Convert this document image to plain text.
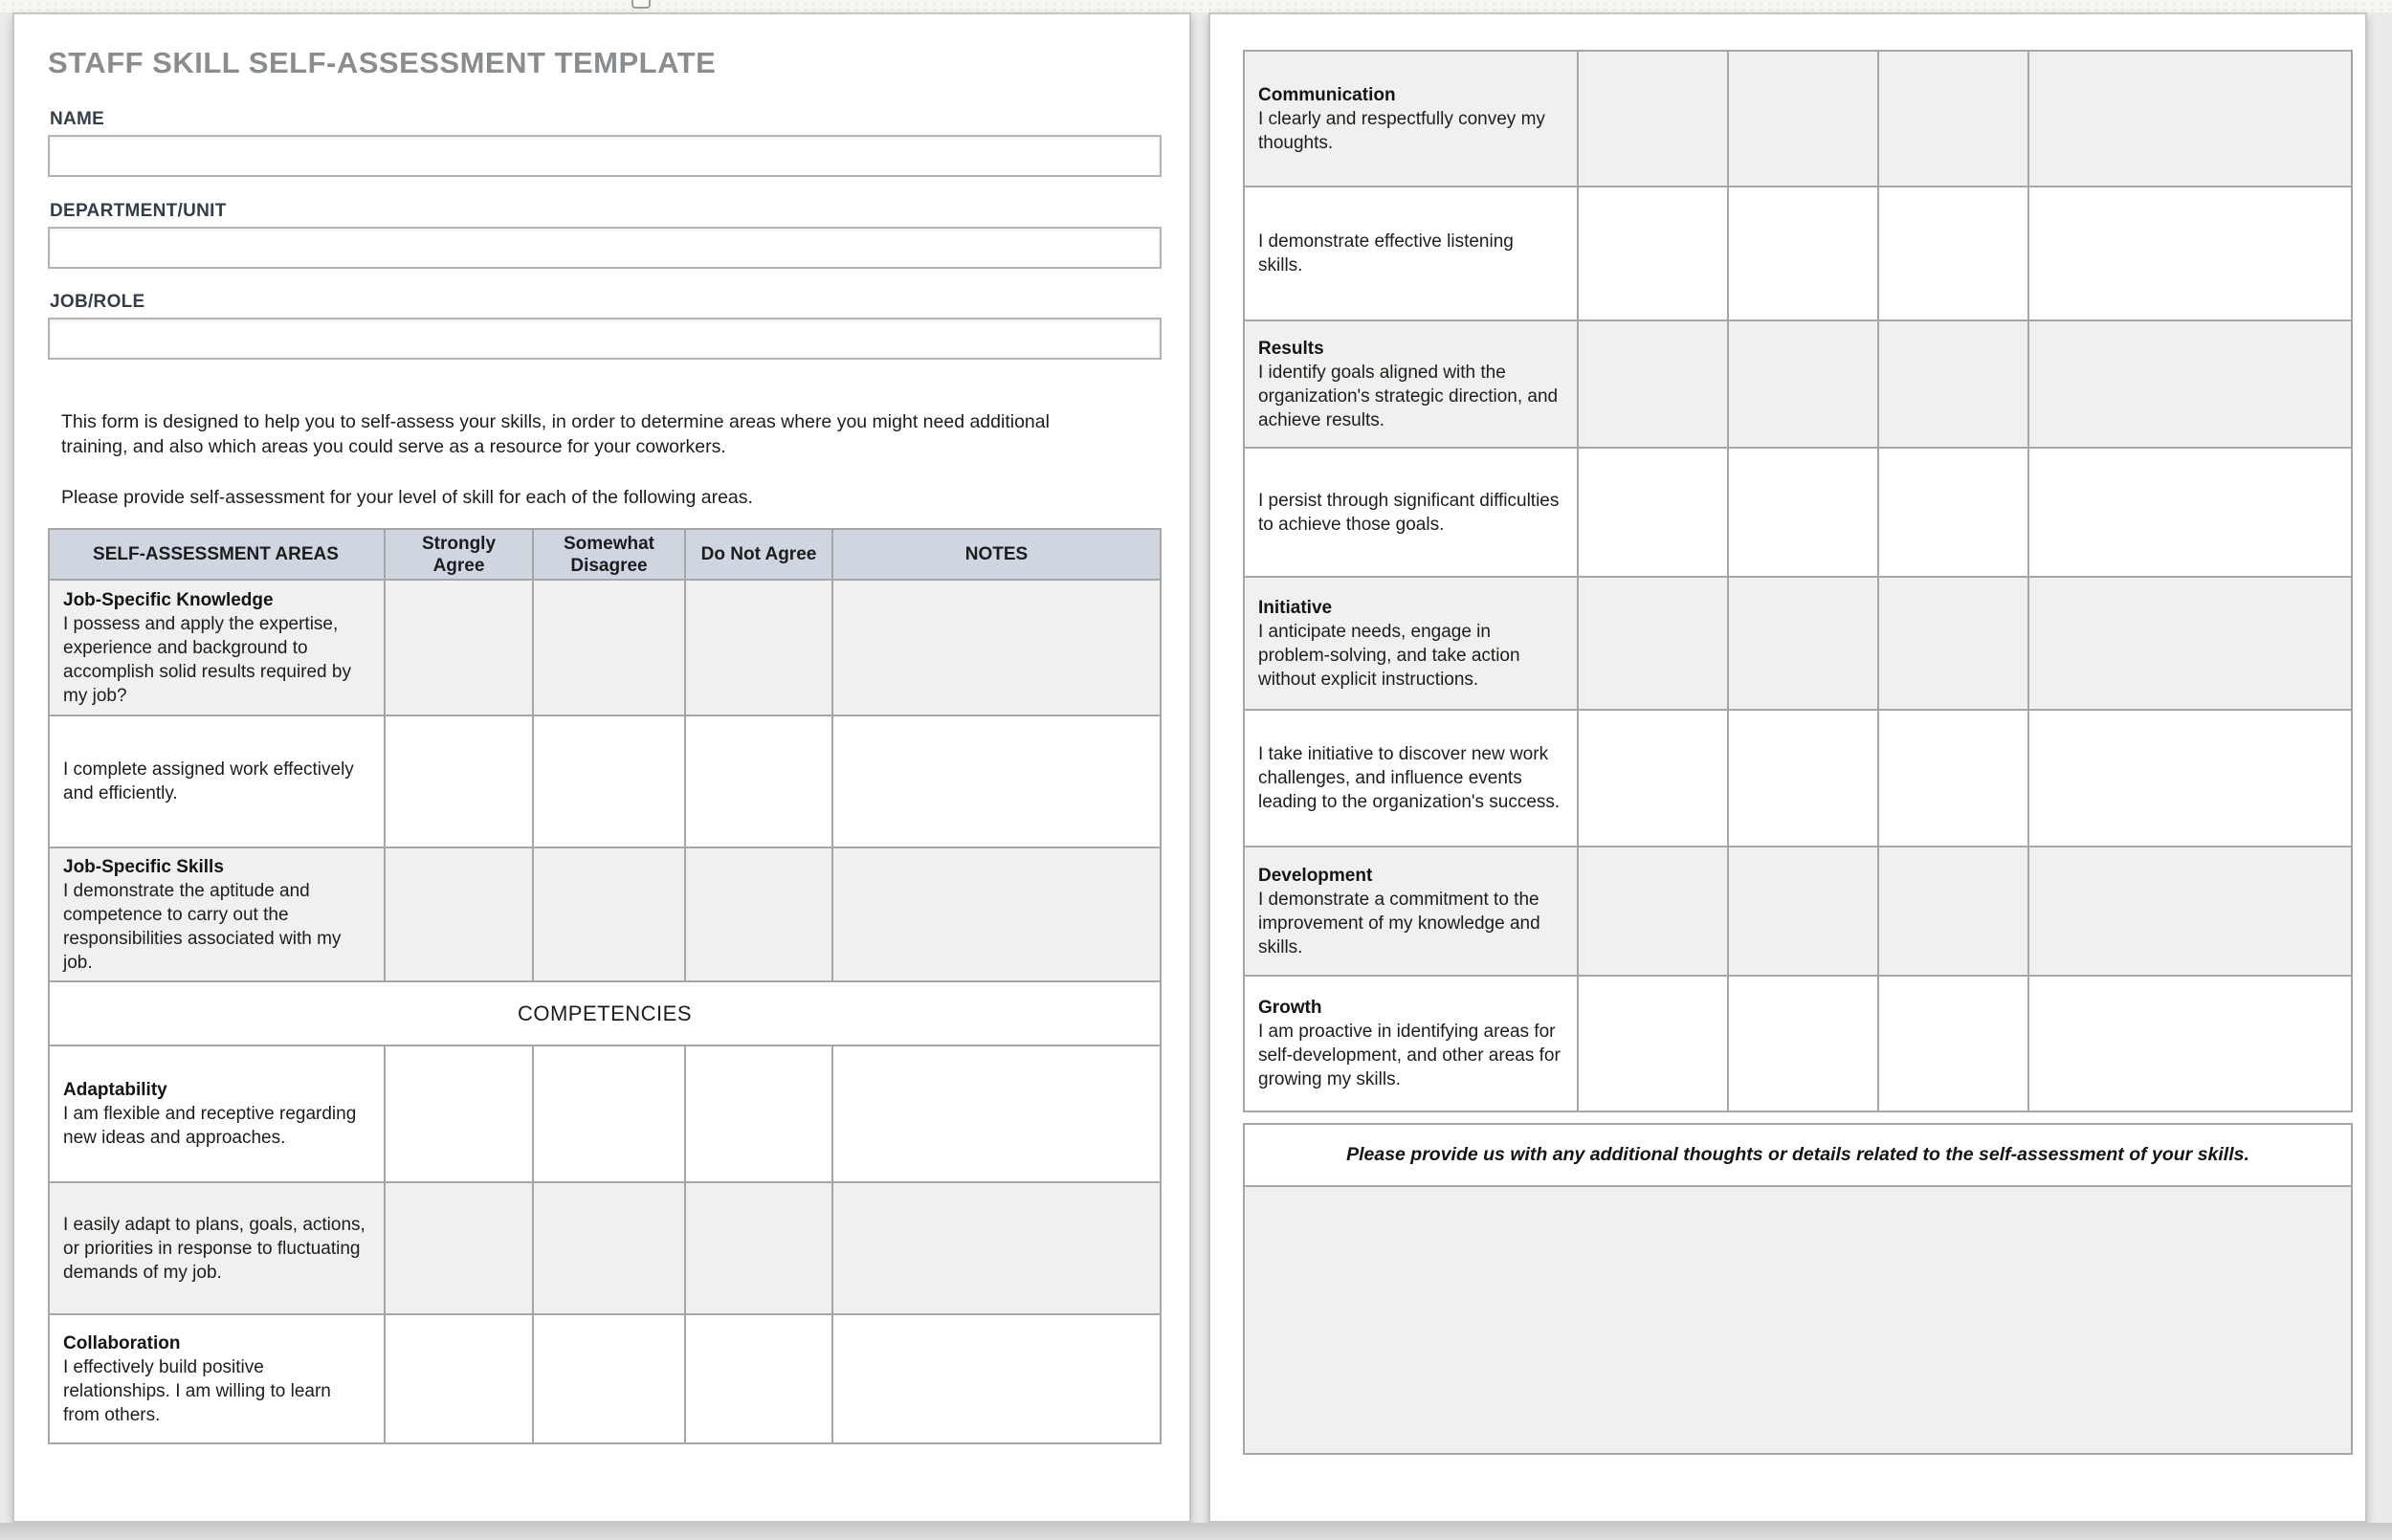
STAFF SKILL SELF-ASSESSMENT TEMPLATE
NAME
DEPARTMENT/UNIT
JOB/ROLE

This form is designed to help you to self-assess your skills, in order to determine areas where you might need additional training, and also which areas you could serve as a resource for your coworkers.

Please provide self-assessment for your level of skill for each of the following areas.

SELF-ASSESSMENT AREAS
Strongly Agree
Somewhat Disagree
Do Not Agree	NOTES
Job-Specific Knowledge
I possess and apply the expertise, experience and background to accomplish solid results required by my job?
I complete assigned work effectively and efficiently.
Job-Specific Skills
I demonstrate the aptitude and competence to carry out the responsibilities associated with my job.
COMPETENCIES
Adaptability
I am flexible and receptive regarding new ideas and approaches.
I easily adapt to plans, goals, actions, or priorities in response to fluctuating demands of my job.
Collaboration
I effectively build positive relationships. I am willing to learn from others.
Communication
I clearly and respectfully convey my thoughts.
I demonstrate effective listening skills.
Results
I identify goals aligned with the organization's strategic direction, and achieve results.
I persist through significant difficulties to achieve those goals.
Initiative
I anticipate needs, engage in problem-solving, and take action without explicit instructions.
I take initiative to discover new work challenges, and influence events leading to the organization's success.
Development
I demonstrate a commitment to the improvement of my knowledge and skills.
Growth
I am proactive in identifying areas for self-development, and other areas for growing my skills.
Please provide us with any additional thoughts or details related to the self-assessment of your skills.
